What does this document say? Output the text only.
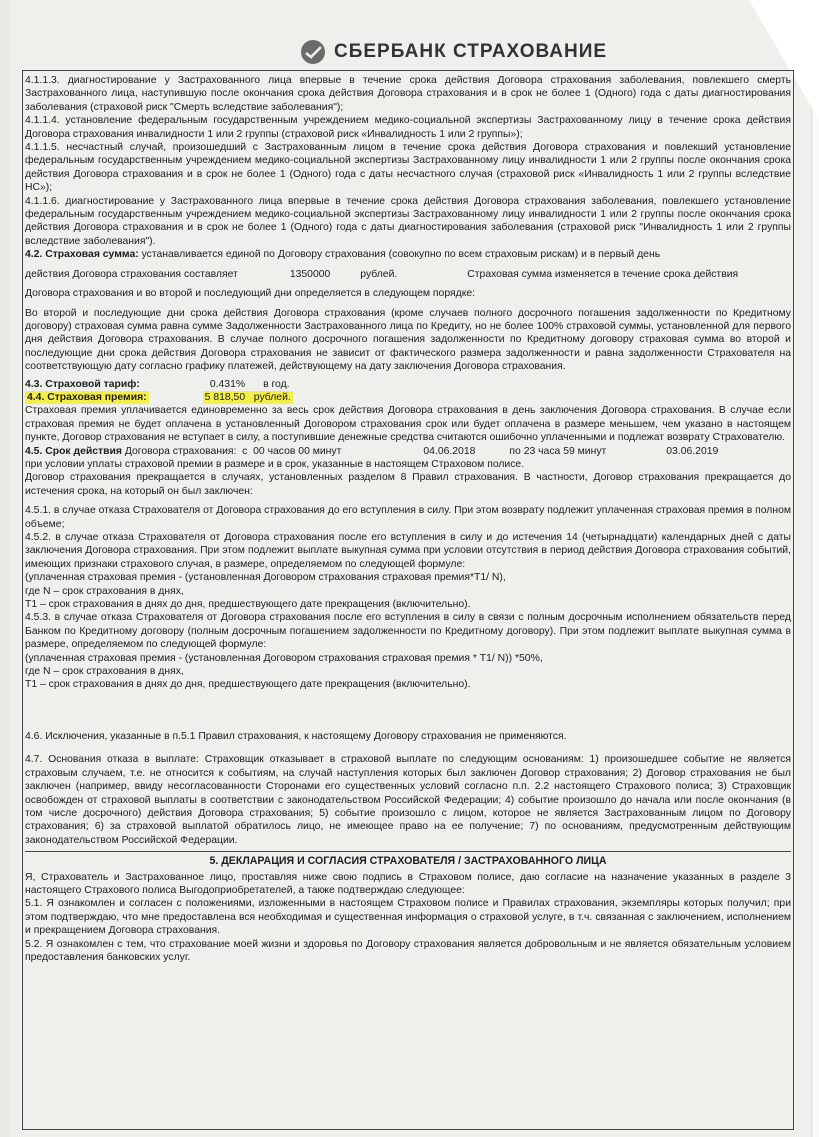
СБЕРБАНК СТРАХОВАНИЕ

4.1.1.3. диагностирование у Застрахованного лица впервые в течение срока действия Договора страхования заболевания, повлекшего смерть Застрахованного лица, наступившую после окончания срока действия Договора страхования и в срок не более 1 (Одного) года с даты диагностирования заболевания (страховой риск "Смерть вследствие заболевания");

4.1.1.4. установление федеральным государственным учреждением медико-социальной экспертизы Застрахованному лицу в течение срока действия Договора страхования инвалидности 1 или 2 группы (страховой риск «Инвалидность 1 или 2 группы»);

4.1.1.5. несчастный случай, произошедший с Застрахованным лицом в течение срока действия Договора страхования и повлекший установление федеральным государственным учреждением медико-социальной экспертизы Застрахованному лицу инвалидности 1 или 2 группы после окончания срока действия Договора страхования и в срок не более 1 (Одного) года с даты несчастного случая (страховой риск «Инвалидность 1 или 2 группы вследствие НС»);

4.1.1.6. диагностирование у Застрахованного лица впервые в течение срока действия Договора страхования заболевания, повлекшего установление федеральным государственным учреждением медико-социальной экспертизы Застрахованному лицу инвалидности 1 или 2 группы после окончания срока действия Договора страхования и в срок не более 1 (Одного) года с даты диагностирования заболевания (страховой риск "Инвалидность 1 или 2 группы вследствие заболевания").

4.2. Страховая сумма: устанавливается единой по Договору страхования (совокупно по всем страховым рискам) и в первый день

действия Договора страхования составляет	1350000	рублей.	Страховая сумма изменяется в течение срока действия

Договора страхования и во второй и последующий дни определяется в следующем порядке:

Во второй и последующие дни срока действия Договора страхования (кроме случаев полного досрочного погашения задолженности по Кредитному договору) страховая сумма равна сумме Задолженности Застрахованного лица по Кредиту, но не более 100% страховой суммы, установленной для первого дня действия Договора страхования. В случае полного досрочного погашения задолженности по Кредитному договору страховая сумма во второй и последующие дни срока действия Договора страхования не зависит от фактического размера задолженности и равна задолженности Страхователя на соответствующую дату согласно графику платежей, действующему на дату заключения Договора страхования.

4.3. Страховой тариф:	0.431% в год.
4.4. Страховая премия:	5 818,50 рублей.

Страховая премия уплачивается единовременно за весь срок действия Договора страхования в день заключения Договора страхования. В случае если страховая премия не будет оплачена в установленный Договором страхования срок или будет оплачена в размере меньшем, чем указано в настоящем пункте, Договор страхования не вступает в силу, а поступившие денежные средства считаются ошибочно уплаченными и подлежат возврату Страхователю.

4.5. Срок действия
Договора страхования:
с
00 часов 00 минут	04.06.2018	по 23 часа 59 минут	03.06.2019

при условии уплаты страховой премии в размере и в срок, указанные в настоящем Страховом полисе.

Договор страхования прекращается в случаях, установленных разделом 8 Правил страхования. В частности, Договор страхования прекращается до истечения срока, на который он был заключен:

4.5.1. в случае отказа Страхователя от Договора страхования до его вступления в силу. При этом возврату подлежит уплаченная страховая премия в полном объеме;

4.5.2. в случае отказа Страхователя от Договора страхования после его вступления в силу и до истечения 14 (четырнадцати) календарных дней с даты заключения Договора страхования. При этом подлежит выплате выкупная сумма при условии отсутствия в период действия Договора страхования событий, имеющих признаки страхового случая, в размере, определяемом по следующей формуле:

(уплаченная страховая премия - (установленная Договором страхования страховая премия*T1/ N),

где N – срок страхования в днях,

T1 – срок страхования в днях до дня, предшествующего дате прекращения (включительно).

4.5.3. в случае отказа Страхователя от Договора страхования после его вступления в силу в связи с полным досрочным исполнением обязательств перед Банком по Кредитному договору (полным досрочным погашением задолженности по Кредитному договору). При этом подлежит выплате выкупная сумма в размере, определяемом по следующей формуле:

(уплаченная страховая премия - (установленная Договором страхования страховая премия * T1/ N)) *50%,

где N – срок страхования в днях,

T1 – срок страхования в днях до дня, предшествующего дате прекращения (включительно).

4.6. Исключения, указанные в п.5.1 Правил страхования, к настоящему Договору страхования не применяются.

4.7. Основания отказа в выплате: Страховщик отказывает в страховой выплате по следующим основаниям: 1) произошедшее событие не является страховым случаем, т.е. не относится к событиям, на случай наступления которых был заключен Договор страхования; 2) Договор страхования не был заключен (например, ввиду несогласованности Сторонами его существенных условий согласно п.п. 2.2 настоящего Страхового полиса; 3) Страховщик освобожден от страховой выплаты в соответствии с законодательством Российской Федерации; 4) событие произошло до начала или после окончания (в том числе досрочного) действия Договора страхования; 5) событие произошло с лицом, которое не является Застрахованным лицом по Договору страхования; 6) за страховой выплатой обратилось лицо, не имеющее право на ее получение; 7) по основаниям, предусмотренным действующим законодательством Российской Федерации.

5. ДЕКЛАРАЦИЯ И СОГЛАСИЯ СТРАХОВАТЕЛЯ / ЗАСТРАХОВАННОГО ЛИЦА

Я, Страхователь и Застрахованное лицо, проставляя ниже свою подпись в Страховом полисе, даю согласие на назначение указанных в разделе 3 настоящего Страхового полиса Выгодоприобретателей, а также подтверждаю следующее:

5.1. Я ознакомлен и согласен с положениями, изложенными в настоящем Страховом полисе и Правилах страхования, экземпляры которых получил; при этом подтверждаю, что мне предоставлена вся необходимая и существенная информация о страховой услуге, в т.ч. связанная с заключением, исполнением и прекращением Договора страхования.

5.2. Я ознакомлен с тем, что страхование моей жизни и здоровья по Договору страхования является добровольным и не является обязательным условием предоставления банковских услуг.
